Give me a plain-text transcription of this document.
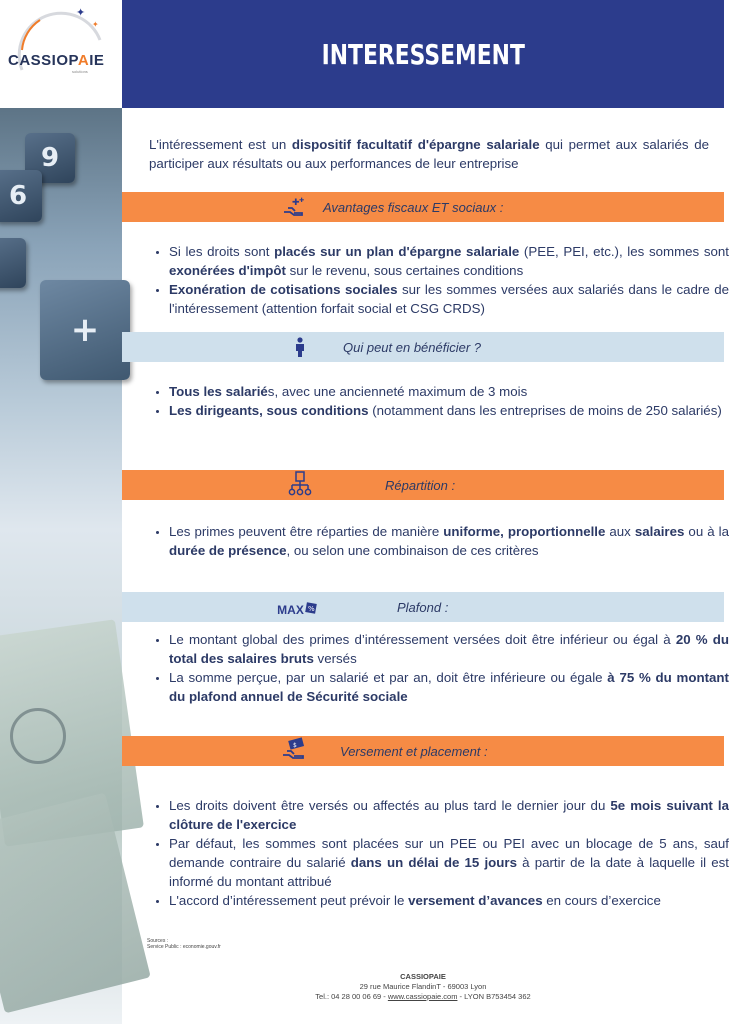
9
6
+
✦
✦
CASSIOPAIE
solutions
INTERESSEMENT

L'intéressement est un dispositif facultatif d'épargne salariale qui permet aux salariés de participer aux résultats ou aux performances de leur entreprise

✚ ✚ Avantages fiscaux ET sociaux :
• Si les droits sont placés sur un plan d'épargne salariale (PEE, PEI, etc.), les sommes sont exonérées d'impôt sur le revenu, sous certaines conditions
• Exonération de cotisations sociales sur les sommes versées aux salariés dans le cadre de l'intéressement (attention forfait social et CSG CRDS)
Qui peut en bénéficier ?
• Tous les salariés, avec une ancienneté maximum de 3 mois
• Les dirigeants, sous conditions (notamment dans les entreprises de moins de 250 salariés)
Répartition :
• Les primes peuvent être réparties de manière uniforme, proportionnelle aux salaires ou à la durée de présence, ou selon une combinaison de ces critères
MAX %	Plafond :
• Le montant global des primes d’intéressement versées doit être inférieur ou égal à 20 % du total des salaires bruts versés
• La somme perçue, par un salarié et par an, doit être inférieure ou égale à 75 % du montant du plafond annuel de Sécurité sociale
$	Versement et placement :
• Les droits doivent être versés ou affectés au plus tard le dernier jour du 5e mois suivant la clôture de l'exercice
• Par défaut, les sommes sont placées sur un PEE ou PEI avec un blocage de 5 ans, sauf demande contraire du salarié dans un délai de 15 jours à partir de la date à laquelle il est informé du montant attribué
• L'accord d’intéressement peut prévoir le versement d’avances en cours d’exercice
Sources :
Service Public : economie.gouv.fr
CASSIOPAIE
29 rue Maurice FlandinT - 69003 Lyon
Tel.: 04 28 00 06 69 - www.cassiopaie.com - LYON B753454 362
